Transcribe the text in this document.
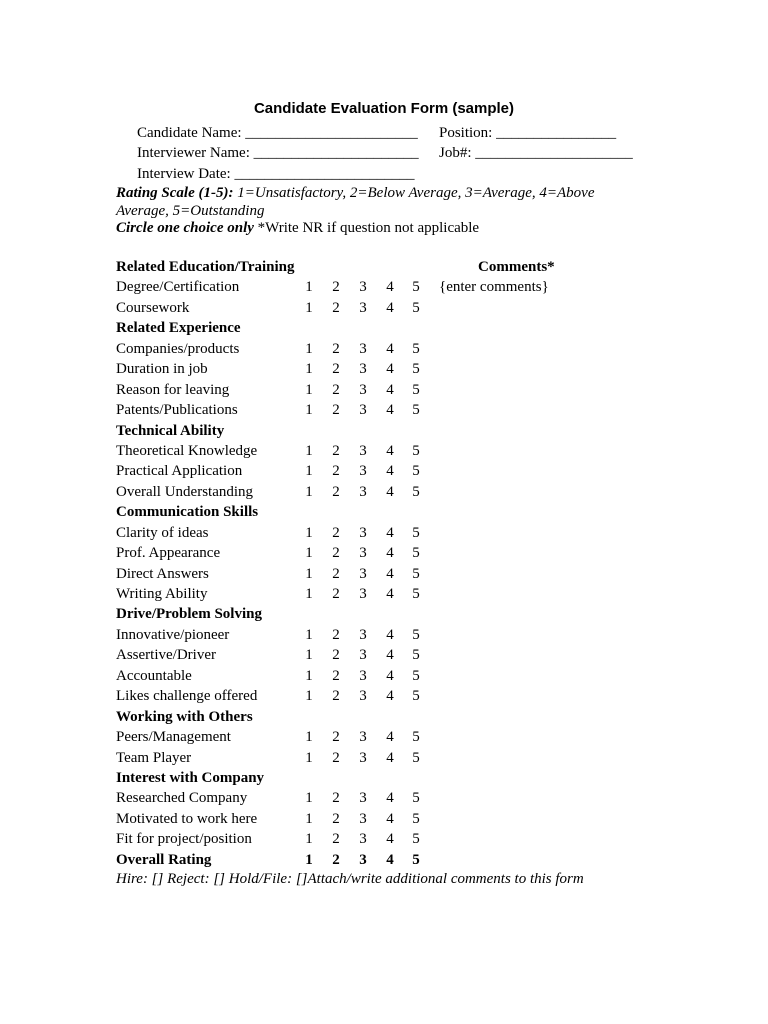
Candidate Evaluation Form (sample)
Candidate Name: _______________________ Position: ________________
Interviewer Name: ______________________ Job#: _____________________
Interview Date: ________________________
Rating Scale (1-5): 1=Unsatisfactory, 2=Below Average, 3=Average, 4=Above Average, 5=Outstanding
Circle one choice only *Write NR if question not applicable
Related Education/Training	Comments*
Degree/Certification	1 2 3 4 5 {enter comments}
Coursework	1 2 3 4 5
Related Experience
Companies/products	1 2 3 4 5
Duration in job	1 2 3 4 5
Reason for leaving	1 2 3 4 5
Patents/Publications	1 2 3 4 5
Technical Ability
Theoretical Knowledge	1 2 3 4 5
Practical Application	1 2 3 4 5
Overall Understanding	1 2 3 4 5
Communication Skills
Clarity of ideas	1 2 3 4 5
Prof. Appearance	1 2 3 4 5
Direct Answers	1 2 3 4 5
Writing Ability	1 2 3 4 5
Drive/Problem Solving
Innovative/pioneer	1 2 3 4 5
Assertive/Driver	1 2 3 4 5
Accountable	1 2 3 4 5
Likes challenge offered	1 2 3 4 5
Working with Others
Peers/Management	1 2 3 4 5
Team Player	1 2 3 4 5
Interest with Company
Researched Company	1 2 3 4 5
Motivated to work here	1 2 3 4 5
Fit for project/position	1 2 3 4 5
Overall Rating	1 2 3 4 5
Hire: [] Reject: [] Hold/File: []Attach/write additional comments to this form
